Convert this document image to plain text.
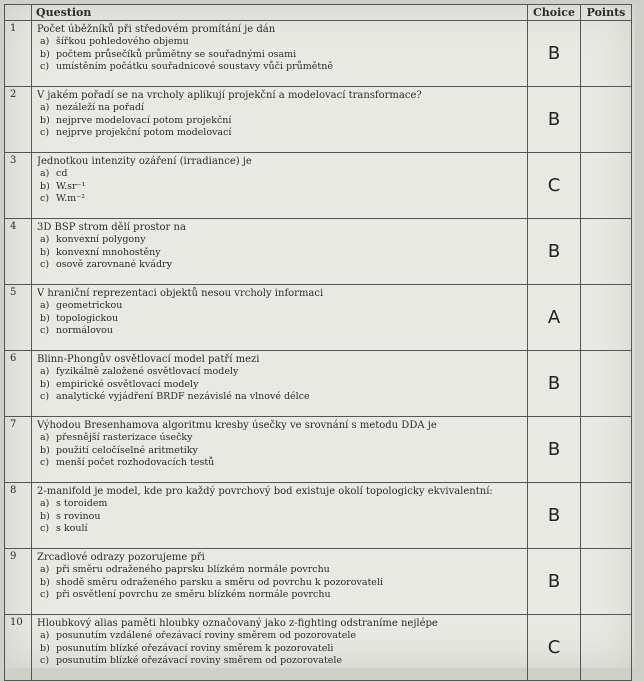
	Question	Choice	Points
1	Počet úběžníků při středovém promítání je dán
a) šířkou pohledového objemu
b) počtem průsečíků průmětny se souřadnými osami
c) umístěním počátku souřadnicové soustavy vůči průmětně	B	
2	V jakém pořadí se na vrcholy aplikují projekční a modelovací transformace?
a) nezáleží na pořadí
b) nejprve modelovací potom projekční
c) nejprve projekční potom modelovací	B	
3	Jednotkou intenzity ozáření (irradiance) je
a) cd
b) W.sr⁻¹
c) W.m⁻²	C	
4	3D BSP strom dělí prostor na
a) konvexní polygony
b) konvexní mnohostěny
c) osově zarovnané kvádry	B	
5	V hraniční reprezentaci objektů nesou vrcholy informaci
a) geometrickou
b) topologickou
c) normálovou	A	
6	Blinn-Phongův osvětlovací model patří mezi
a) fyzikálně založené osvětlovací modely
b) empirické osvětlovací modely
c) analytické vyjádření BRDF nezávislé na vlnové délce	B	
7	Výhodou Bresenhamova algoritmu kresby úsečky ve srovnání s metodu DDA je
a) přesnější rasterizace úsečky
b) použití celočíselné aritmetiky
c) menší počet rozhodovacích testů	B	
8	2-manifold je model, kde pro každý povrchový bod existuje okolí topologicky ekvivalentní:
a) s toroidem
b) s rovinou
c) s koulí	B	
9	Zrcadlové odrazy pozorujeme při
a) při směru odraženého paprsku blízkém normále povrchu
b) shodě směru odraženého parsku a směru od povrchu k pozorovateli
c) při osvětlení povrchu ze směru blízkém normále povrchu	B	
10	Hloubkový alias paměti hloubky označovaný jako z-fighting odstraníme nejlépe
a) posunutím vzdálené ořezávací roviny směrem od pozorovatele
b) posunutím blízké ořezávací roviny směrem k pozorovateli
c) posunutím blízké ořezávací roviny směrem od pozorovatele	C	
